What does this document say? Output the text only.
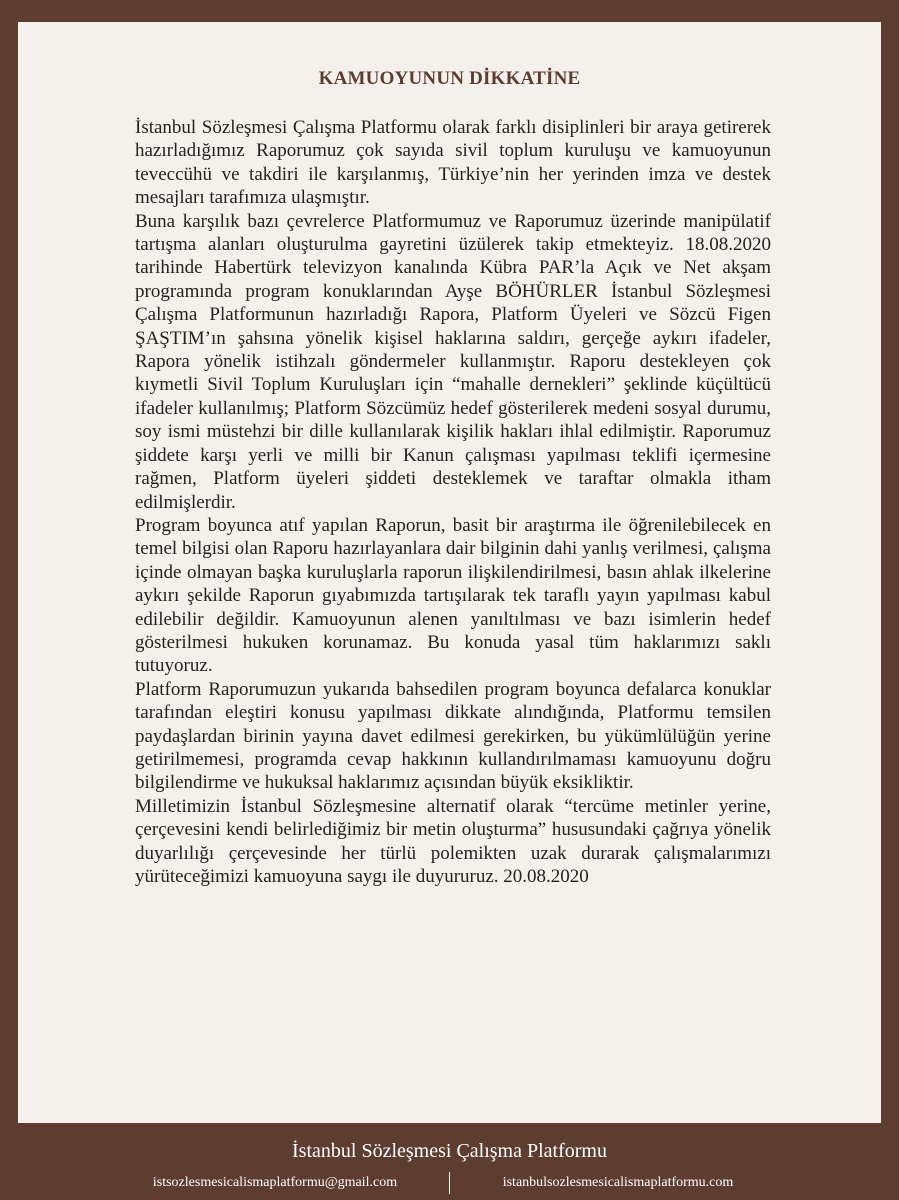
KAMUOYUNUN DİKKATİNE

İstanbul Sözleşmesi Çalışma Platformu olarak farklı disiplinleri bir araya getirerek hazırladığımız Raporumuz çok sayıda sivil toplum kuruluşu ve kamuoyunun teveccühü ve takdiri ile karşılanmış, Türkiye’nin her yerinden imza ve destek mesajları tarafımıza ulaşmıştır.

Buna karşılık bazı çevrelerce Platformumuz ve Raporumuz üzerinde manipülatif tartışma alanları oluşturulma gayretini üzülerek takip etmekteyiz. 18.08.2020 tarihinde Habertürk televizyon kanalında Kübra PAR’la Açık ve Net akşam programında program konuklarından Ayşe BÖHÜRLER İstanbul Sözleşmesi Çalışma Platformunun hazırladığı Rapora, Platform Üyeleri ve Sözcü Figen ŞAŞTIM’ın şahsına yönelik kişisel haklarına saldırı, gerçeğe aykırı ifadeler, Rapora yönelik istihzalı göndermeler kullanmıştır. Raporu destekleyen çok kıymetli Sivil Toplum Kuruluşları için “mahalle dernekleri” şeklinde küçültücü ifadeler kullanılmış; Platform Sözcümüz hedef gösterilerek medeni sosyal durumu, soy ismi müstehzi bir dille kullanılarak kişilik hakları ihlal edilmiştir. Raporumuz şiddete karşı yerli ve milli bir Kanun çalışması yapılması teklifi içermesine rağmen, Platform üyeleri şiddeti desteklemek ve taraftar olmakla itham edilmişlerdir.

Program boyunca atıf yapılan Raporun, basit bir araştırma ile öğrenilebilecek en temel bilgisi olan Raporu hazırlayanlara dair bilginin dahi yanlış verilmesi, çalışma içinde olmayan başka kuruluşlarla raporun ilişkilendirilmesi, basın ahlak ilkelerine aykırı şekilde Raporun gıyabımızda tartışılarak tek taraflı yayın yapılması kabul edilebilir değildir. Kamuoyunun alenen yanıltılması ve bazı isimlerin hedef gösterilmesi hukuken korunamaz. Bu konuda yasal tüm haklarımızı saklı tutuyoruz.

Platform Raporumuzun yukarıda bahsedilen program boyunca defalarca konuklar tarafından eleştiri konusu yapılması dikkate alındığında, Platformu temsilen paydaşlardan birinin yayına davet edilmesi gerekirken, bu yükümlülüğün yerine getirilmemesi, programda cevap hakkının kullandırılmaması kamuoyunu doğru bilgilendirme ve hukuksal haklarımız açısından büyük eksikliktir.

Milletimizin İstanbul Sözleşmesine alternatif olarak “tercüme metinler yerine, çerçevesini kendi belirlediğimiz bir metin oluşturma” hususundaki çağrıya yönelik duyarlılığı çerçevesinde her türlü polemikten uzak durarak çalışmalarımızı yürüteceğimizi kamuoyuna saygı ile duyururuz. 20.08.2020

İstanbul Sözleşmesi Çalışma Platformu
istsozlesmesicalismaplatformu@gmail.com	istanbulsozlesmesicalismaplatformu.com
